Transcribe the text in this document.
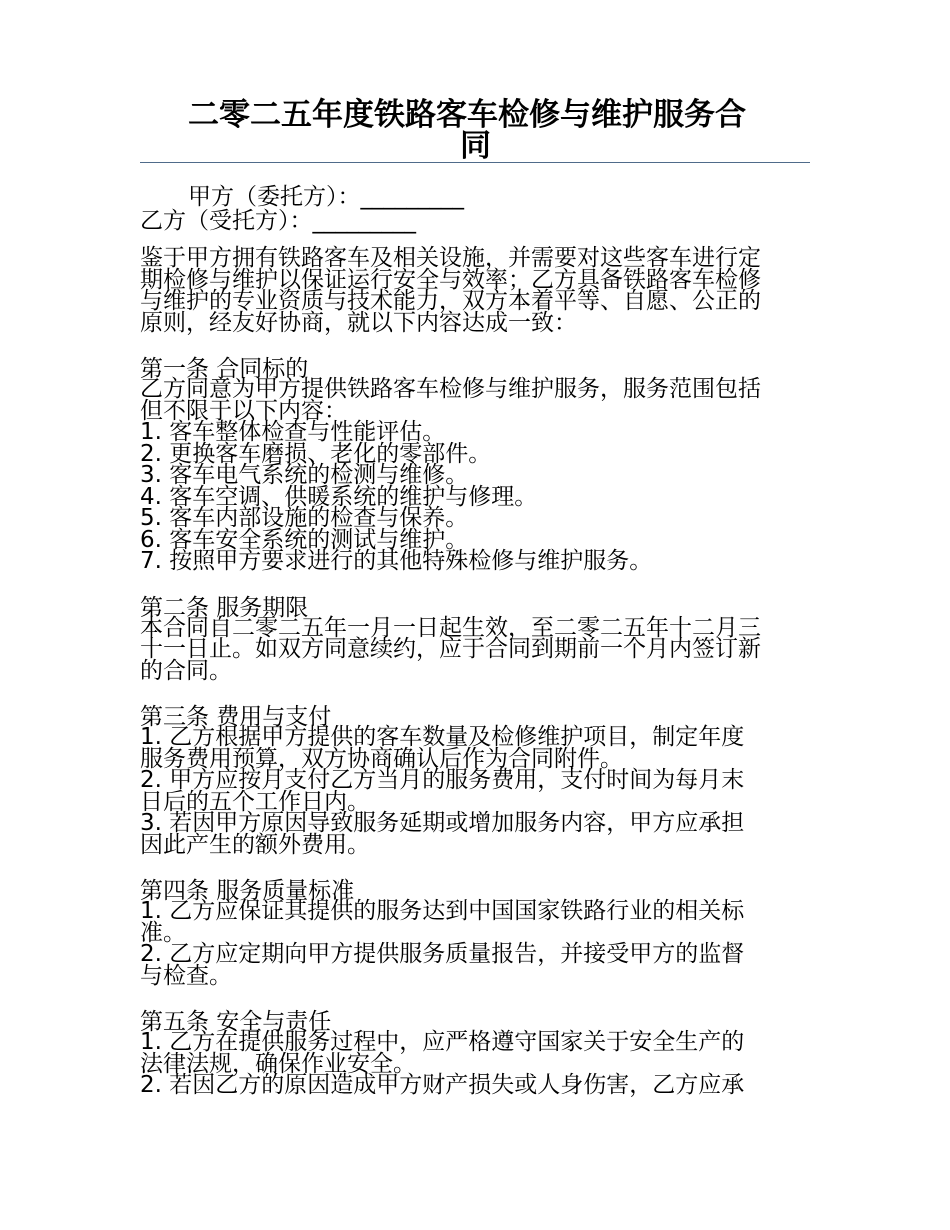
二零二五年度铁路客车检修与维护服务合
同
甲方（委托方）：_________
乙方（受托方）：_________
鉴于甲方拥有铁路客车及相关设施，并需要对这些客车进行定
期检修与维护以保证运行安全与效率；乙方具备铁路客车检修
与维护的专业资质与技术能力，双方本着平等、自愿、公正的
原则，经友好协商，就以下内容达成一致：
第一条 合同标的
乙方同意为甲方提供铁路客车检修与维护服务，服务范围包括
但不限于以下内容：
1. 客车整体检查与性能评估。
2. 更换客车磨损、老化的零部件。
3. 客车电气系统的检测与维修。
4. 客车空调、供暖系统的维护与修理。
5. 客车内部设施的检查与保养。
6. 客车安全系统的测试与维护。
7. 按照甲方要求进行的其他特殊检修与维护服务。
第二条 服务期限
本合同自二零二五年一月一日起生效，至二零二五年十二月三
十一日止。如双方同意续约，应于合同到期前一个月内签订新
的合同。
第三条 费用与支付
1. 乙方根据甲方提供的客车数量及检修维护项目，制定年度
服务费用预算，双方协商确认后作为合同附件。
2. 甲方应按月支付乙方当月的服务费用，支付时间为每月末
日后的五个工作日内。
3. 若因甲方原因导致服务延期或增加服务内容，甲方应承担
因此产生的额外费用。
第四条 服务质量标准
1. 乙方应保证其提供的服务达到中国国家铁路行业的相关标
准。
2. 乙方应定期向甲方提供服务质量报告，并接受甲方的监督
与检查。
第五条 安全与责任
1. 乙方在提供服务过程中，应严格遵守国家关于安全生产的
法律法规，确保作业安全。
2. 若因乙方的原因造成甲方财产损失或人身伤害，乙方应承
